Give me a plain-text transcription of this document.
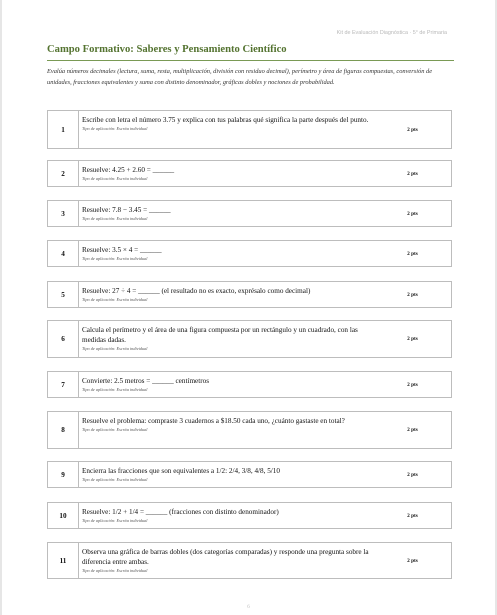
Kit de Evaluación Diagnóstica · 5° de Primaria
Campo Formativo: Saberes y Pensamiento Científico
Evalúa números decimales (lectura, suma, resta, multiplicación, división con residuo decimal), perímetro y área de figuras compuestas, conversión de unidades, fracciones equivalentes y suma con distinto denominador, gráficas dobles y nociones de probabilidad.
1
Escribe con letra el número 3.75 y explica con tus palabras qué significa la parte después del punto.
Tipo de aplicación: Escrita individual	2 pts
2	Resuelve: 4.25 + 2.60 = ______
Tipo de aplicación: Escrita individual
2 pts
3	Resuelve: 7.8 − 3.45 = ______
Tipo de aplicación: Escrita individual
2 pts
4	Resuelve: 3.5 × 4 = ______
Tipo de aplicación: Escrita individual
2 pts
5	Resuelve: 27 ÷ 4 = ______ (el resultado no es exacto, exprésalo como decimal)
Tipo de aplicación: Escrita individual
2 pts
6
Calcula el perímetro y el área de una figura compuesta por un rectángulo y un cuadrado, con las medidas dadas.
Tipo de aplicación: Escrita individual
2 pts
7	Convierte: 2.5 metros = ______ centímetros
Tipo de aplicación: Escrita individual
2 pts
8
Resuelve el problema: compraste 3 cuadernos a $18.50 cada uno, ¿cuánto gastaste en total?
Tipo de aplicación: Escrita individual	2 pts
9	Encierra las fracciones que son equivalentes a 1/2: 2/4, 3/8, 4/8, 5/10
Tipo de aplicación: Escrita individual
2 pts
10	Resuelve: 1/2 + 1/4 = ______ (fracciones con distinto denominador)
Tipo de aplicación: Escrita individual
2 pts
11
Observa una gráfica de barras dobles (dos categorías comparadas) y responde una pregunta sobre la diferencia entre ambas.
Tipo de aplicación: Escrita individual
2 pts
6
